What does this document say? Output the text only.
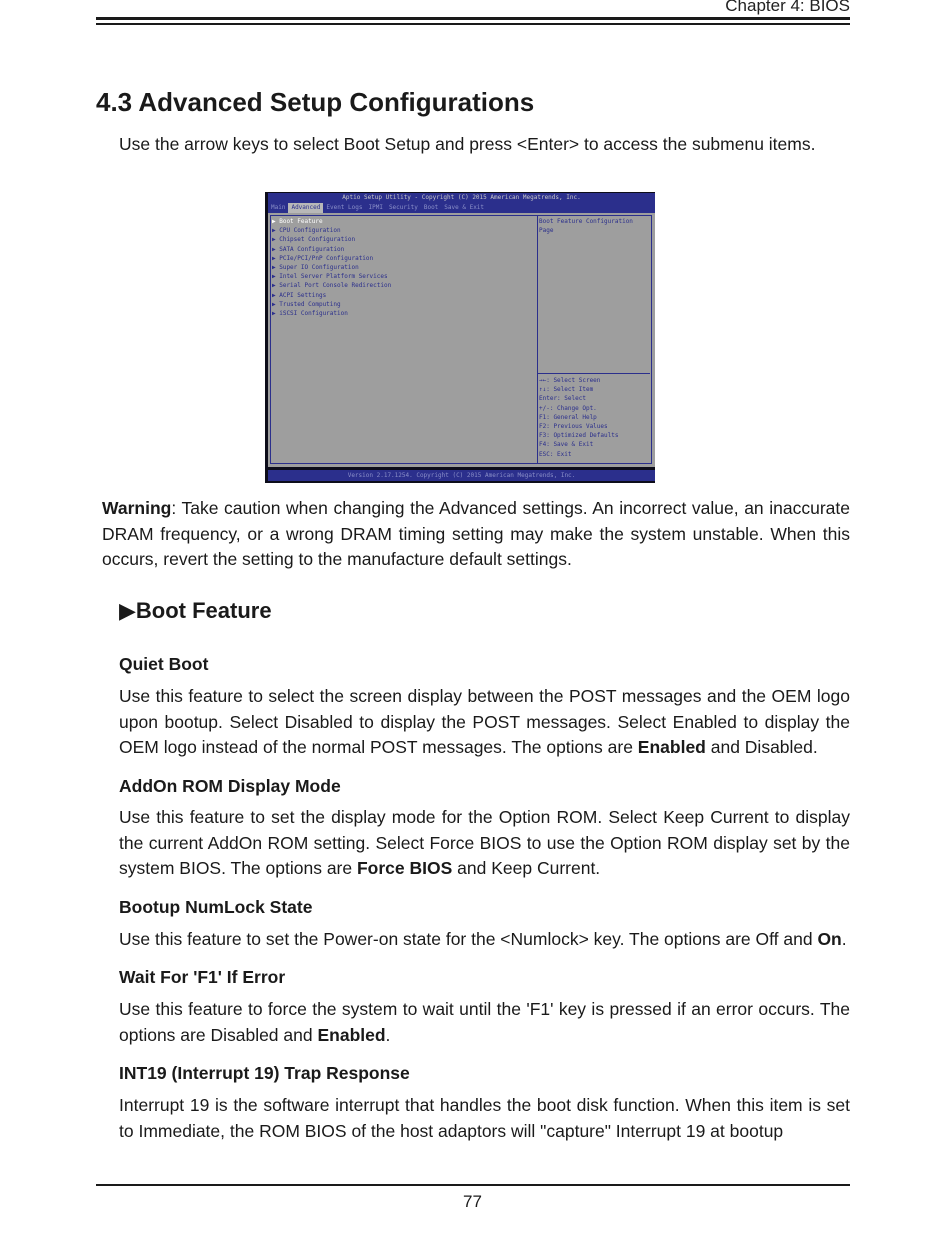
Chapter 4: BIOS
4.3 Advanced Setup Configurations

Use the arrow keys to select Boot Setup and press <Enter> to access the submenu items.

Aptio Setup Utility - Copyright (C) 2015 American Megatrends, Inc.
Main Advanced Event Logs IPMI Security Boot Save & Exit
▶ Boot Feature
▶ CPU Configuration
▶ Chipset Configuration
▶ SATA Configuration
▶ PCIe/PCI/PnP Configuration
▶ Super IO Configuration
▶ Intel Server Platform Services
▶ Serial Port Console Redirection
▶ ACPI Settings
▶ Trusted Computing
▶ iSCSI Configuration
Boot Feature Configuration Page
→←: Select Screen
↑↓: Select Item
Enter: Select
+/-: Change Opt.
F1: General Help
F2: Previous Values
F3: Optimized Defaults
F4: Save & Exit
ESC: Exit
Version 2.17.1254. Copyright (C) 2015 American Megatrends, Inc.

Warning: Take caution when changing the Advanced settings. An incorrect value, an inaccurate DRAM frequency, or a wrong DRAM timing setting may make the system unstable. When this occurs, revert the setting to the manufacture default settings.

▶Boot Feature
Quiet Boot

Use this feature to select the screen display between the POST messages and the OEM logo upon bootup. Select Disabled to display the POST messages. Select Enabled to display the OEM logo instead of the normal POST messages. The options are Enabled and Disabled.

AddOn ROM Display Mode

Use this feature to set the display mode for the Option ROM. Select Keep Current to display the current AddOn ROM setting. Select Force BIOS to use the Option ROM display set by the system BIOS. The options are Force BIOS and Keep Current.

Bootup NumLock State

Use this feature to set the Power-on state for the <Numlock> key. The options are Off and On.

Wait For 'F1' If Error

Use this feature to force the system to wait until the 'F1' key is pressed if an error occurs. The options are Disabled and Enabled.

INT19 (Interrupt 19) Trap Response

Interrupt 19 is the software interrupt that handles the boot disk function. When this item is set to Immediate, the ROM BIOS of the host adaptors will "capture" Interrupt 19 at bootup

77
